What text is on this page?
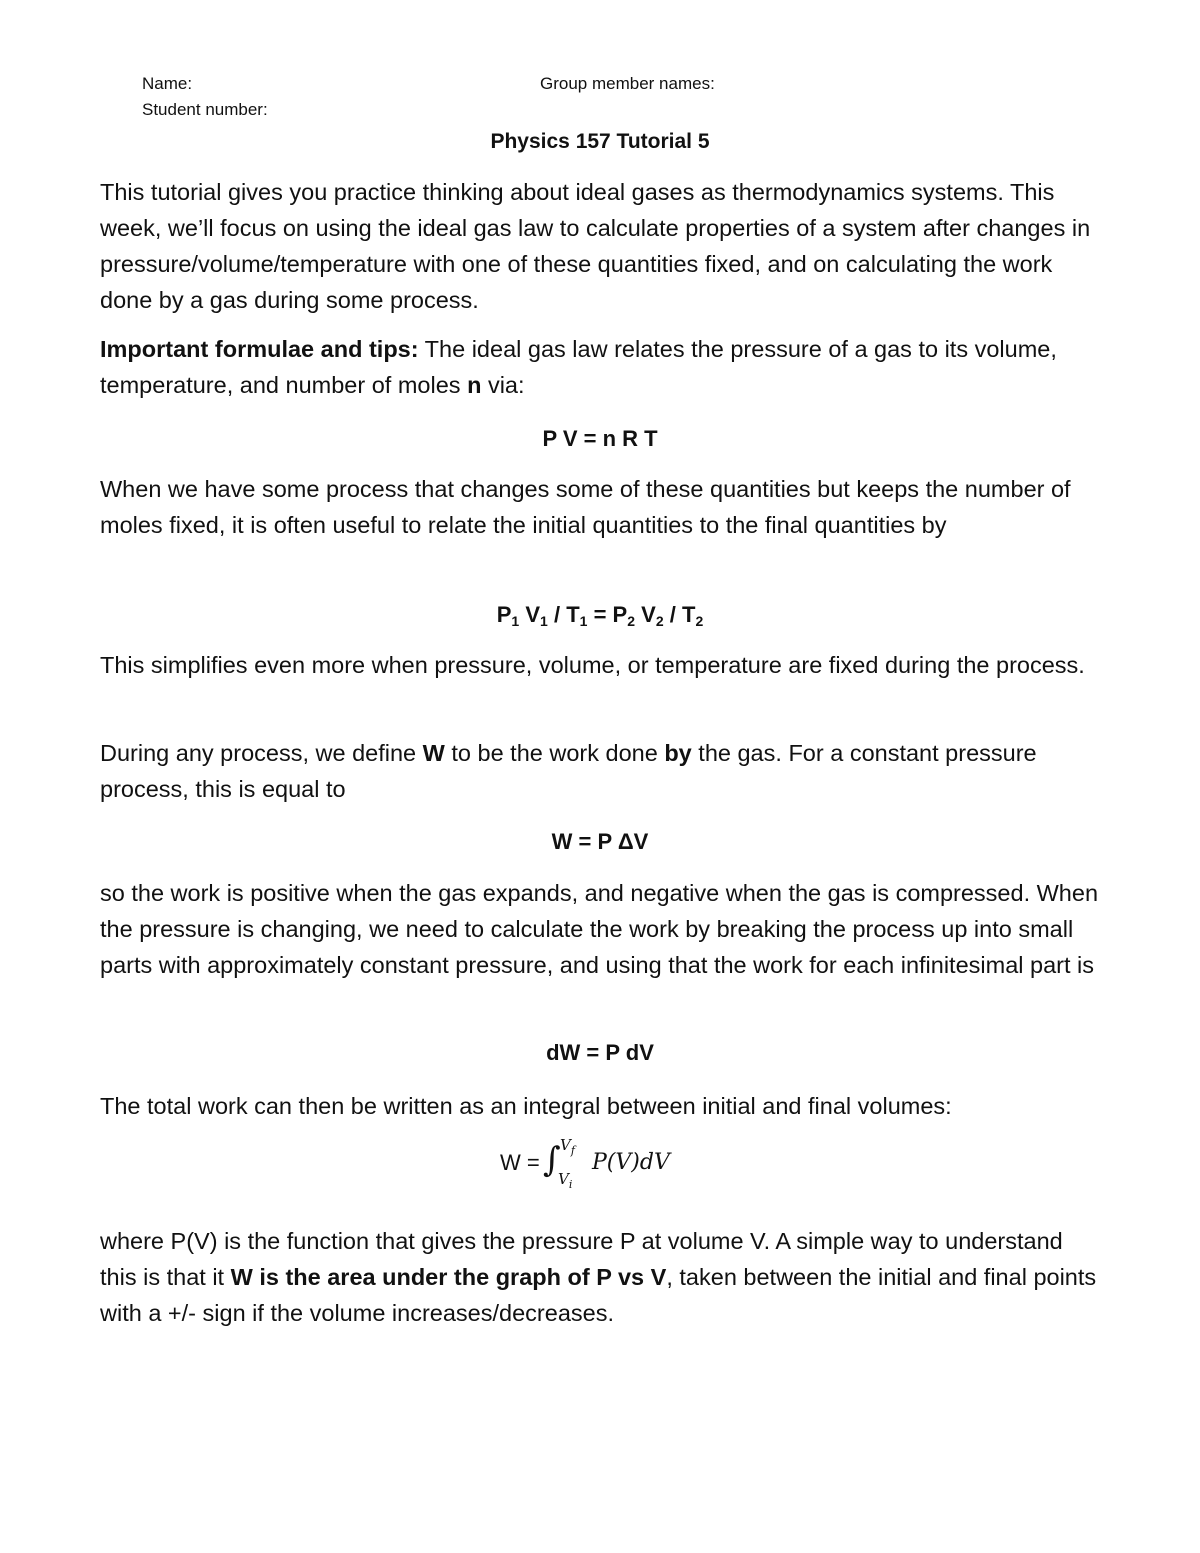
Name:
Student number:
Group member names:
Physics 157 Tutorial 5
This tutorial gives you practice thinking about ideal gases as thermodynamics systems. This week, we’ll focus on using the ideal gas law to calculate properties of a system after changes in pressure/volume/temperature with one of these quantities fixed, and on calculating the work done by a gas during some process.
Important formulae and tips: The ideal gas law relates the pressure of a gas to its volume, temperature, and number of moles n via:
P V = n R T
When we have some process that changes some of these quantities but keeps the number of moles fixed, it is often useful to relate the initial quantities to the final quantities by
$P_1$ $V_1 / T_1 = P_2$ $V_2 / T_2$
This simplifies even more when pressure, volume, or temperature are fixed during the process.
During any process, we define W to be the work done by the gas. For a constant pressure process, this is equal to
W = P ΔV
so the work is positive when the gas expands, and negative when the gas is compressed. When the pressure is changing, we need to calculate the work by breaking the process up into small parts with approximately constant pressure, and using that the work for each infinitesimal part is
dW = P dV
The total work can then be written as an integral between initial and final volumes:
W = ∫ $V_f$
$V_i$
P(V)dV
where P(V) is the function that gives the pressure P at volume V. A simple way to understand this is that it W is the area under the graph of P vs V, taken between the initial and final points with a +/- sign if the volume increases/decreases.
